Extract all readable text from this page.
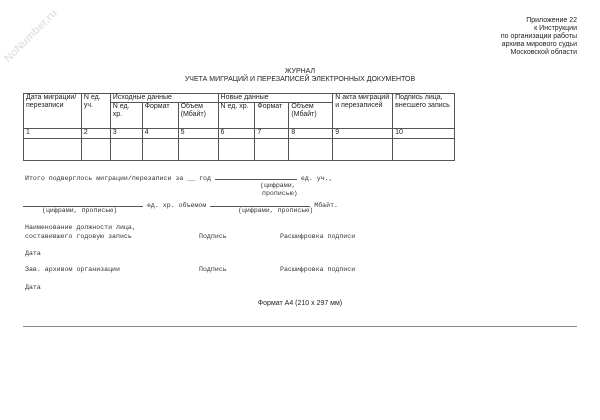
NoNumber.ru	Приложение 22
к Инструкции
по организации работы
архива мирового судьи
Московской области
ЖУРНАЛ
УЧЕТА МИГРАЦИЙ И ПЕРЕЗАПИСЕЙ ЭЛЕКТРОННЫХ ДОКУМЕНТОВ
Дата миграции/ перезаписи	N ед. уч.	Исходные данные			Новые данные			N акта миграций и перезаписей	Подпись лица, внесшего запись
		N ед. хр.	Формат	Объем (Мбайт)	N ед. хр.	Формат	Объем (Мбайт)		
1	2	3	4	5	6	7	8	9	10

Итого подверглось миграции/перезаписи за __ год	ед. уч.,
(цифрами,
прописью)
ед. хр. объемом	Мбайт.
(цифрами, прописью)	(цифрами, прописью)
Наименование должности лица,
составившего годовую запись	Подпись	Расшифровка подписи
Дата
Зав. архивом организации	Подпись	Расшифровка подписи
Дата
Формат А4 (210 x 297 мм)
